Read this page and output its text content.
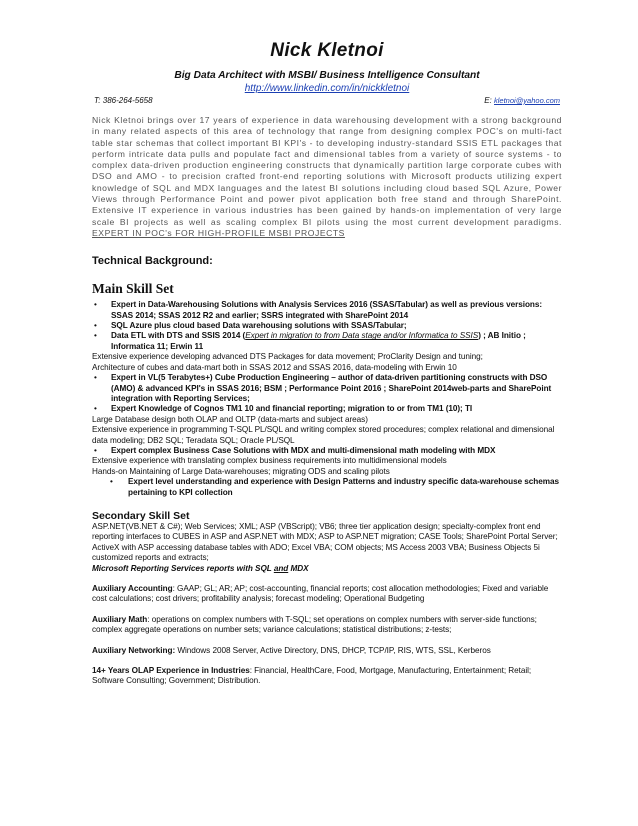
Nick Kletnoi
Big Data Architect with MSBI/ Business Intelligence Consultant
http://www.linkedin.com/in/nickkletnoi
T: 386-264-5658	E: kletnoi@yahoo.com
Nick Kletnoi brings over 17 years of experience in data warehousing development with a strong background in many related aspects of this area of technology that range from designing complex POC's on multi-fact table star schemas that collect important BI KPI's - to developing industry-standard SSIS ETL packages that perform intricate data pulls and populate fact and dimensional tables from a variety of source systems - to complex data-driven production engineering constructs that dynamically partition large corporate cubes with DSO and AMO - to precision crafted front-end reporting solutions with Microsoft products utilizing expert knowledge of SQL and MDX languages and the latest BI solutions including cloud based SQL Azure, Power Views through Performance Point and power pivot application both free stand and through SharePoint. Extensive IT experience in various industries has been gained by hands-on implementation of very large scale BI projects as well as scaling complex BI pilots using the most current development paradigms. EXPERT IN POC's FOR HIGH-PROFILE MSBI PROJECTS
Technical Background:
Main Skill Set
• Expert in Data-Warehousing Solutions with Analysis Services 2016 (SSAS/Tabular) as well as previous versions: SSAS 2014; SSAS 2012 R2 and earlier; SSRS integrated with SharePoint 2014
• SQL Azure plus cloud based Data warehousing solutions with SSAS/Tabular;
• Data ETL with DTS and SSIS 2014 (Expert in migration to from Data stage and/or Informatica to SSIS) ; AB Initio ; Informatica 11; Erwin 11
Extensive experience developing advanced DTS Packages for data movement; ProClarity Design and tuning;
Architecture of cubes and data-mart both in SSAS 2012 and SSAS 2016, data-modeling with Erwin 10
• Expert in VL(5 Terabytes+) Cube Production Engineering – author of data-driven partitioning constructs with DSO (AMO) & advanced KPI's in SSAS 2016; BSM ; Performance Point 2016 ; SharePoint 2014web-parts and SharePoint integration with Reporting Services;
• Expert Knowledge of Cognos TM1 10 and financial reporting; migration to or from TM1 (10); TI
Large Database design both OLAP and OLTP (data-marts and subject areas)
Extensive experience in programming T-SQL PL/SQL and writing complex stored procedures; complex relational and dimensional data modeling; DB2 SQL; Teradata SQL; Oracle PL/SQL
• Expert complex Business Case Solutions with MDX and multi-dimensional math modeling with MDX
Extensive experience with translating complex business requirements into multidimensional models
Hands-on Maintaining of Large Data-warehouses; migrating ODS and scaling pilots
• Expert level understanding and experience with Design Patterns and industry specific data-warehouse schemas pertaining to KPI collection
Secondary Skill Set
ASP.NET(VB.NET & C#); Web Services; XML; ASP (VBScript); VB6; three tier application design; specialty-complex front end reporting interfaces to CUBES in ASP and ASP.NET with MDX; ASP to ASP.NET migration; CASE Tools; SharePoint Portal Server; ActiveX with ASP accessing database tables with ADO; Excel VBA; COM objects; MS Access 2003 VBA; Business Objects 5i customized reports and extracts;
Microsoft Reporting Services reports with SQL and MDX
Auxiliary Accounting: GAAP; GL; AR; AP; cost-accounting, financial reports; cost allocation methodologies; Fixed and variable cost calculations; cost drivers; profitability analysis; forecast modeling; Operational Budgeting
Auxiliary Math: operations on complex numbers with T-SQL; set operations on complex numbers with server-side functions; complex aggregate operations on number sets; variance calculations; statistical distributions; z-tests;
Auxiliary Networking: Windows 2008 Server, Active Directory, DNS, DHCP, TCP/IP, RIS, WTS, SSL, Kerberos
14+ Years OLAP Experience in Industries: Financial, HealthCare, Food, Mortgage, Manufacturing, Entertainment; Retail; Software Consulting; Government; Distribution.
